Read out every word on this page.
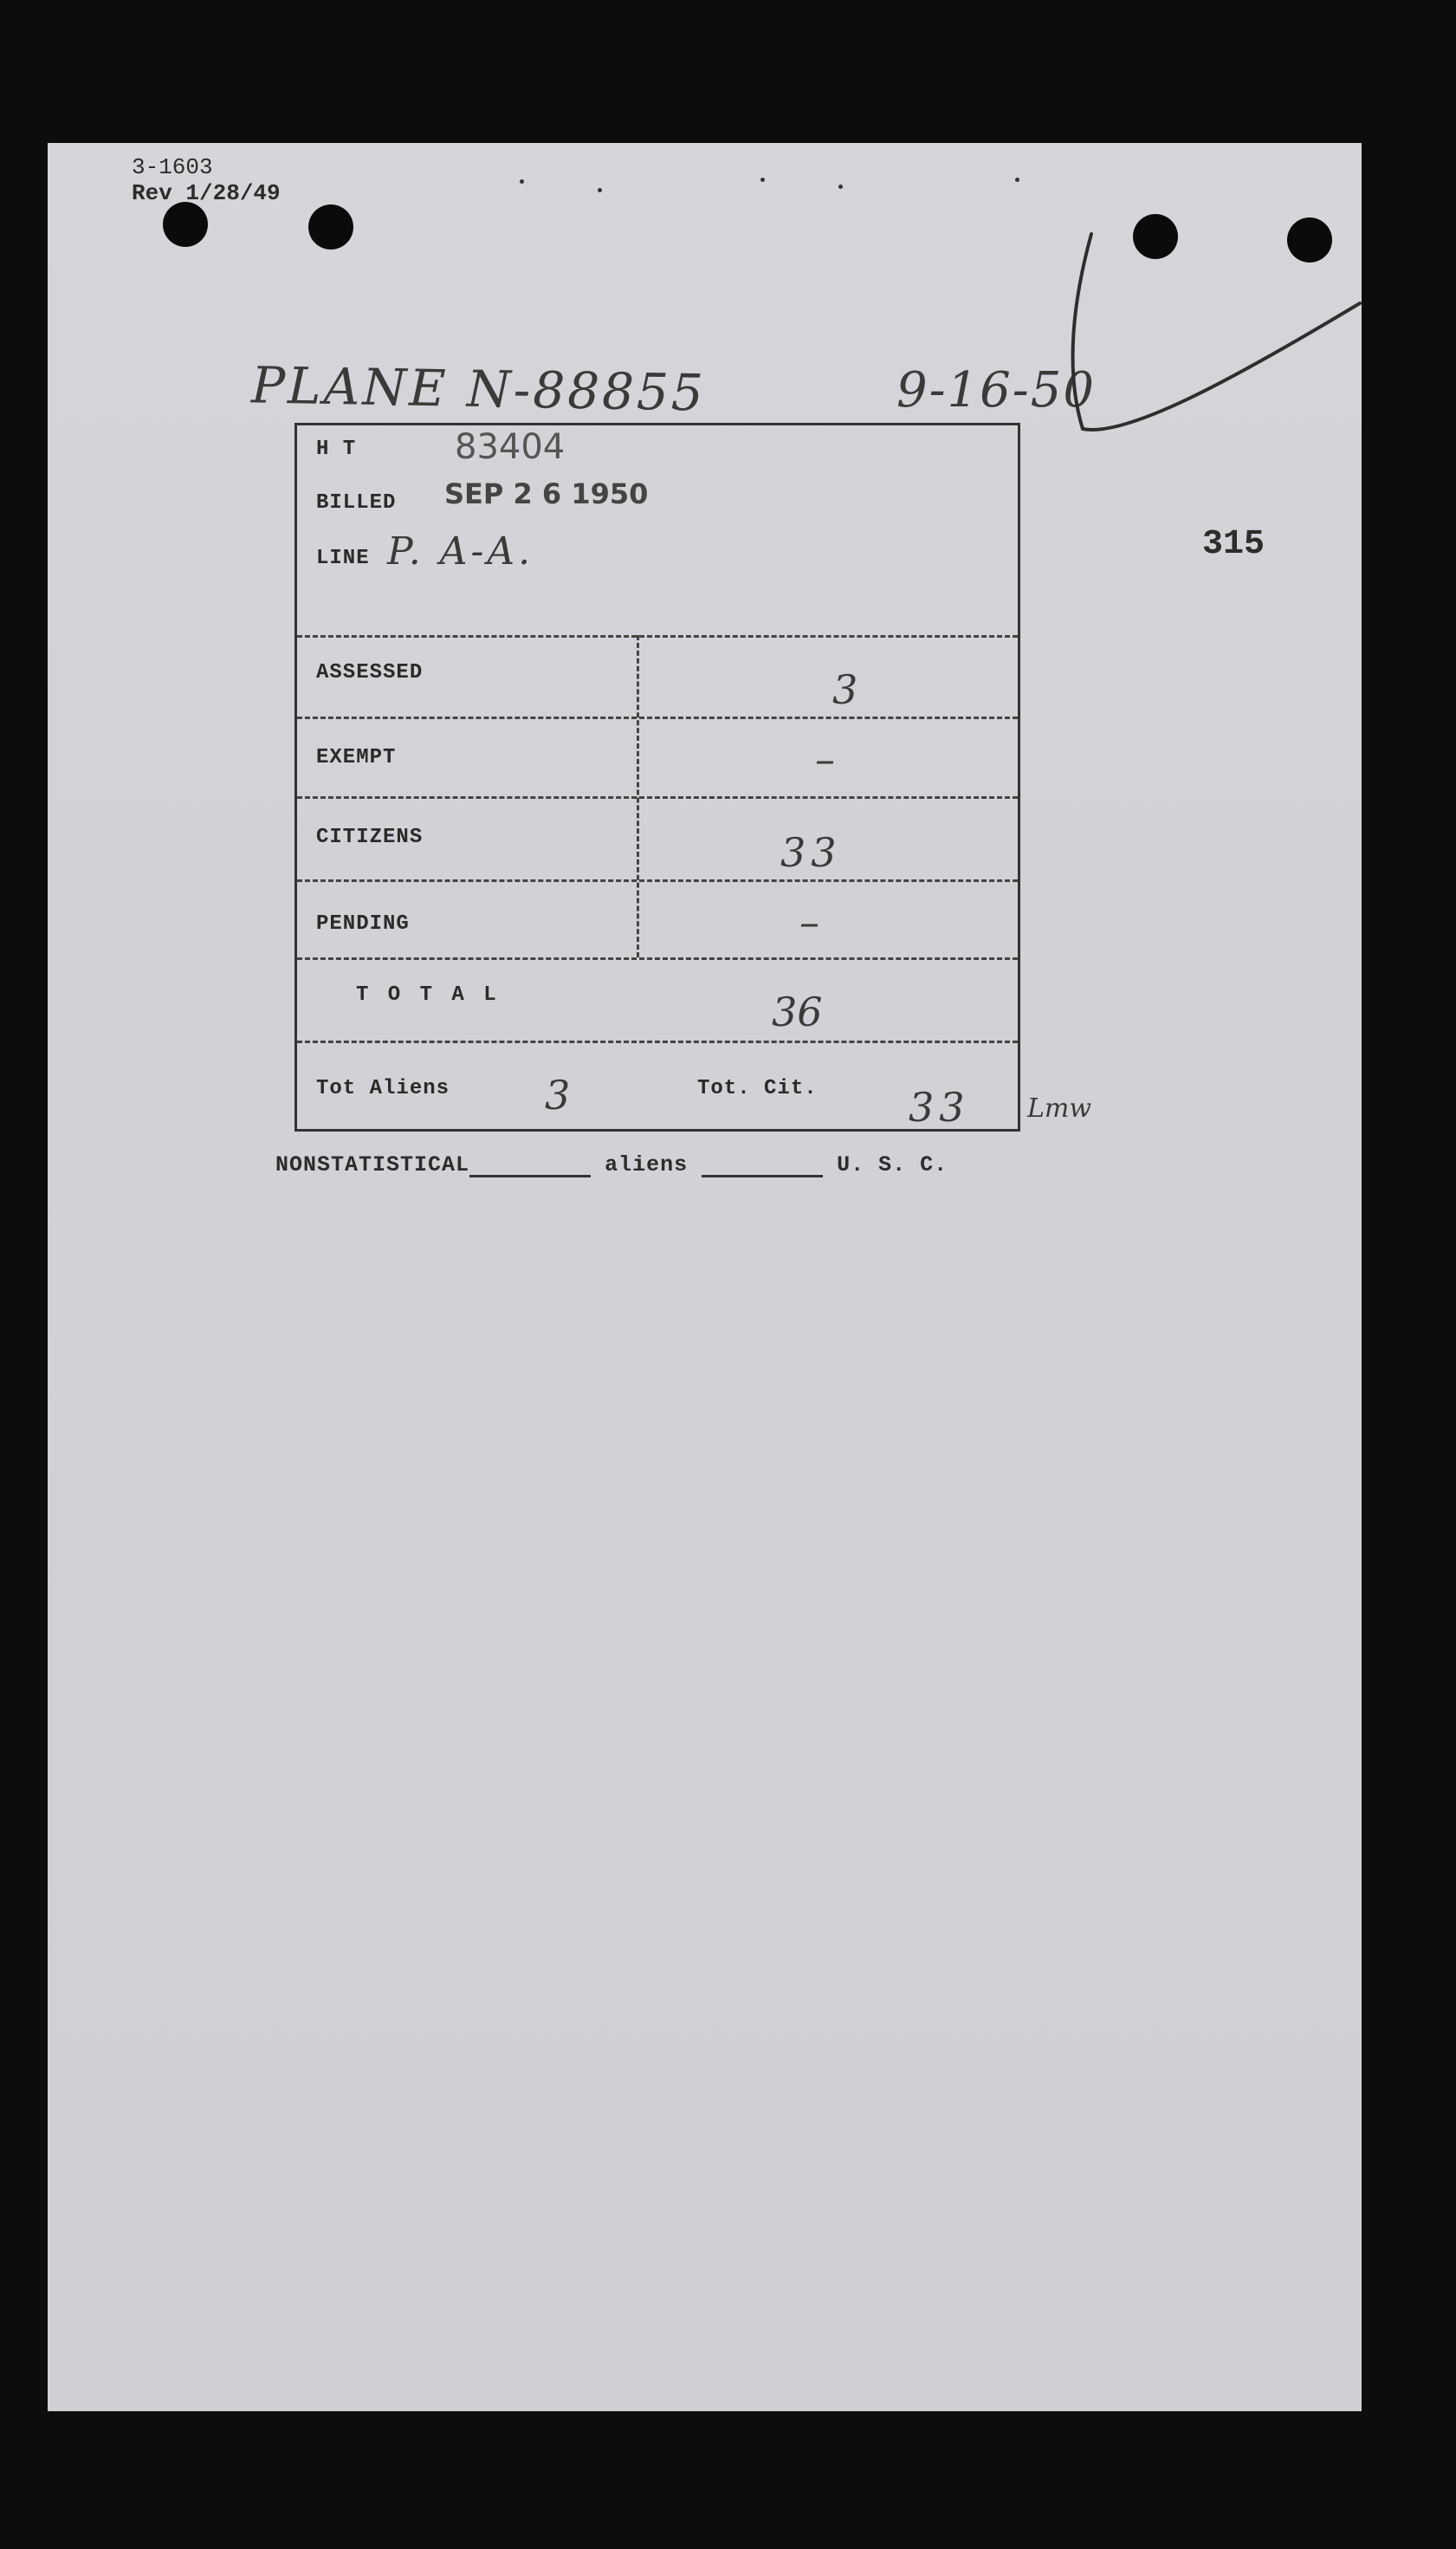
3-1603
Rev 1/28/49
PLANE N-88855	9-16-50
315
H T	83404
BILLED SEP 2 6 1950
LINE P. A-A.
ASSESSED	3
EXEMPT	–
CITIZENS	33
PENDING	–
T O T A L	36
Tot Aliens 3	Tot. Cit. 33 Lmw
NONSTATISTICAL	aliens	U. S. C.
